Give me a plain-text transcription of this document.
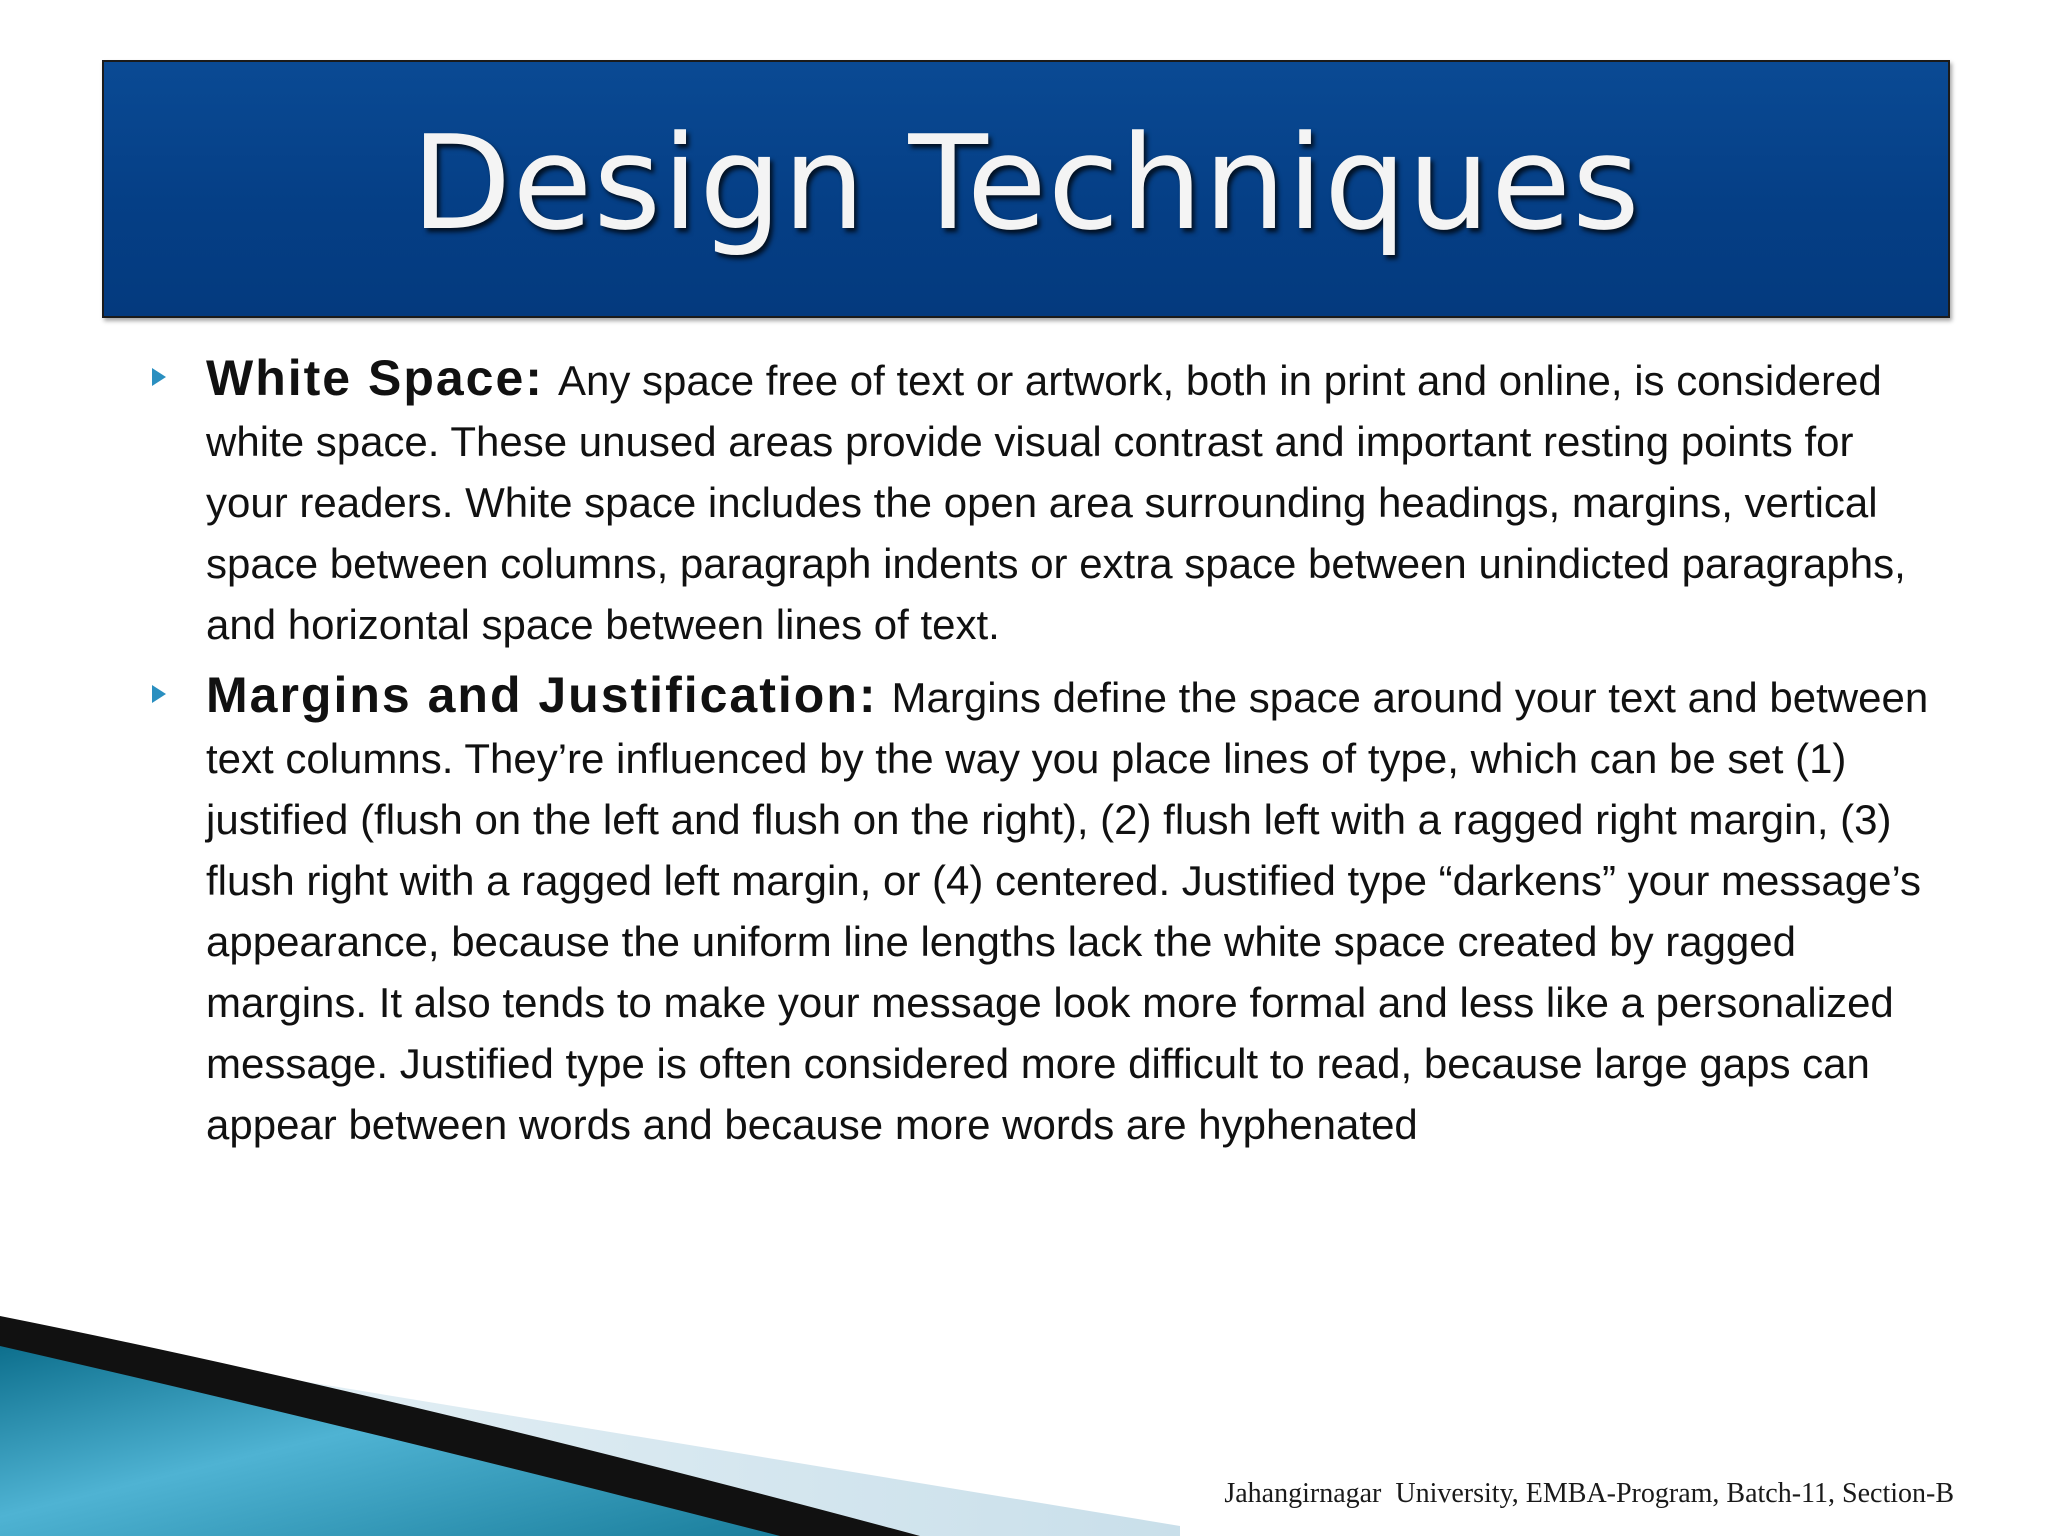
Design Techniques
White Space: Any space free of text or artwork, both in print and online, is considered white space. These unused areas provide visual contrast and important resting points for your readers. White space includes the open area surrounding headings, margins, vertical space between columns, paragraph indents or extra space between unindicted paragraphs, and horizontal space between lines of text.
Margins and Justification: Margins define the space around your text and between text columns. They’re influenced by the way you place lines of type, which can be set (1) justified (flush on the left and flush on the right), (2) flush left with a ragged right margin, (3) flush right with a ragged left margin, or (4) centered. Justified type “darkens” your message’s appearance, because the uniform line lengths lack the white space created by ragged margins. It also tends to make your message look more formal and less like a personalized message. Justified type is often considered more difficult to read, because large gaps can appear between words and because more words are hyphenated
Jahangirnagar  University, EMBA-Program, Batch-11, Section-B
